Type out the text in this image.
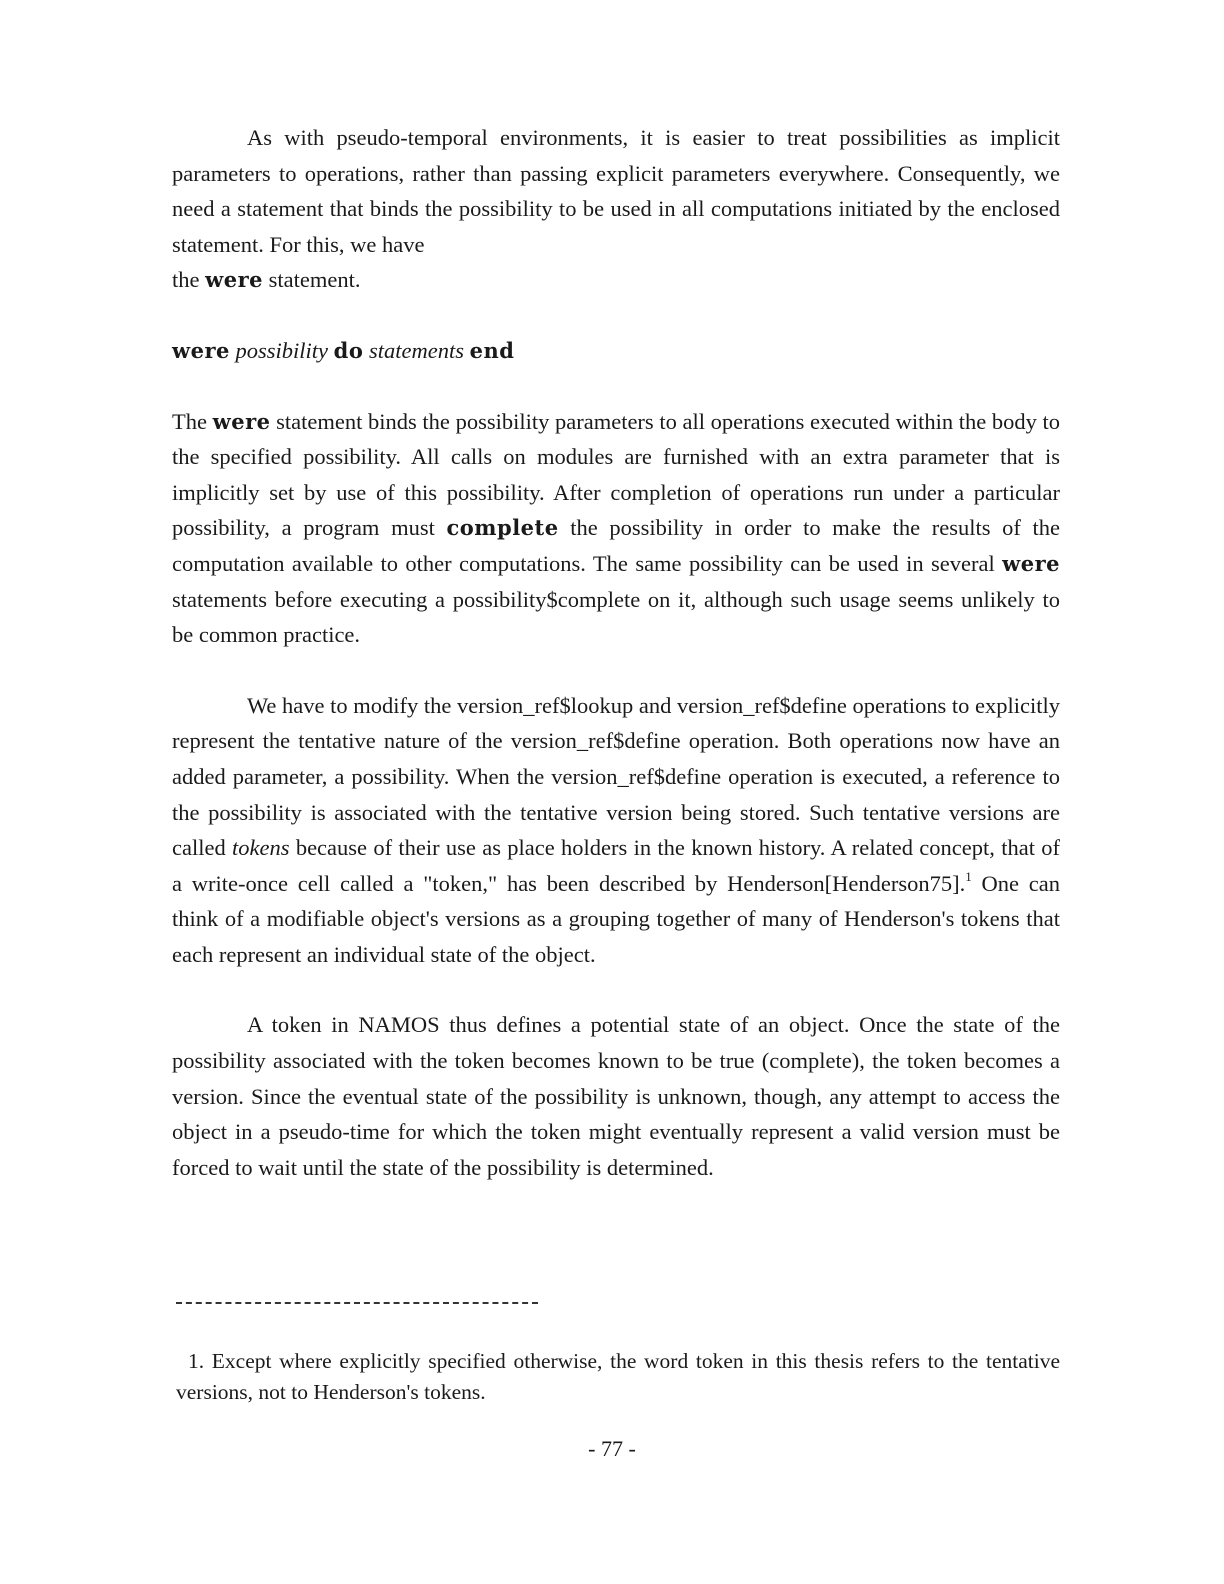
As with pseudo-temporal environments, it is easier to treat possibilities as implicit parameters to operations, rather than passing explicit parameters everywhere. Consequently, we need a statement that binds the possibility to be used in all computations initiated by the enclosed statement. For this, we have
the were statement.

were possibility do statements end

The were statement binds the possibility parameters to all operations executed within the body to the specified possibility. All calls on modules are furnished with an extra parameter that is implicitly set by use of this possibility. After completion of operations run under a particular possibility, a program must complete the possibility in order to make the results of the computation available to other computations. The same possibility can be used in several were statements before executing a possibility$complete on it, although such usage seems unlikely to be common practice.

We have to modify the version_ref$lookup and version_ref$define operations to explicitly represent the tentative nature of the version_ref$define operation. Both operations now have an added parameter, a possibility. When the version_ref$define operation is executed, a reference to the possibility is associated with the tentative version being stored. Such tentative versions are called tokens because of their use as place holders in the known history. A related concept, that of a write-once cell called a "token," has been described by Henderson[Henderson75].$^1$ One can think of a modifiable object's versions as a grouping together of many of Henderson's tokens that each represent an individual state of the object.

A token in NAMOS thus defines a potential state of an object. Once the state of the possibility associated with the token becomes known to be true (complete), the token becomes a version. Since the eventual state of the possibility is unknown, though, any attempt to access the object in a pseudo-time for which the token might eventually represent a valid version must be forced to wait until the state of the possibility is determined.

1. Except where explicitly specified otherwise, the word token in this thesis refers to the tentative versions, not to Henderson's tokens.
- 77 -
